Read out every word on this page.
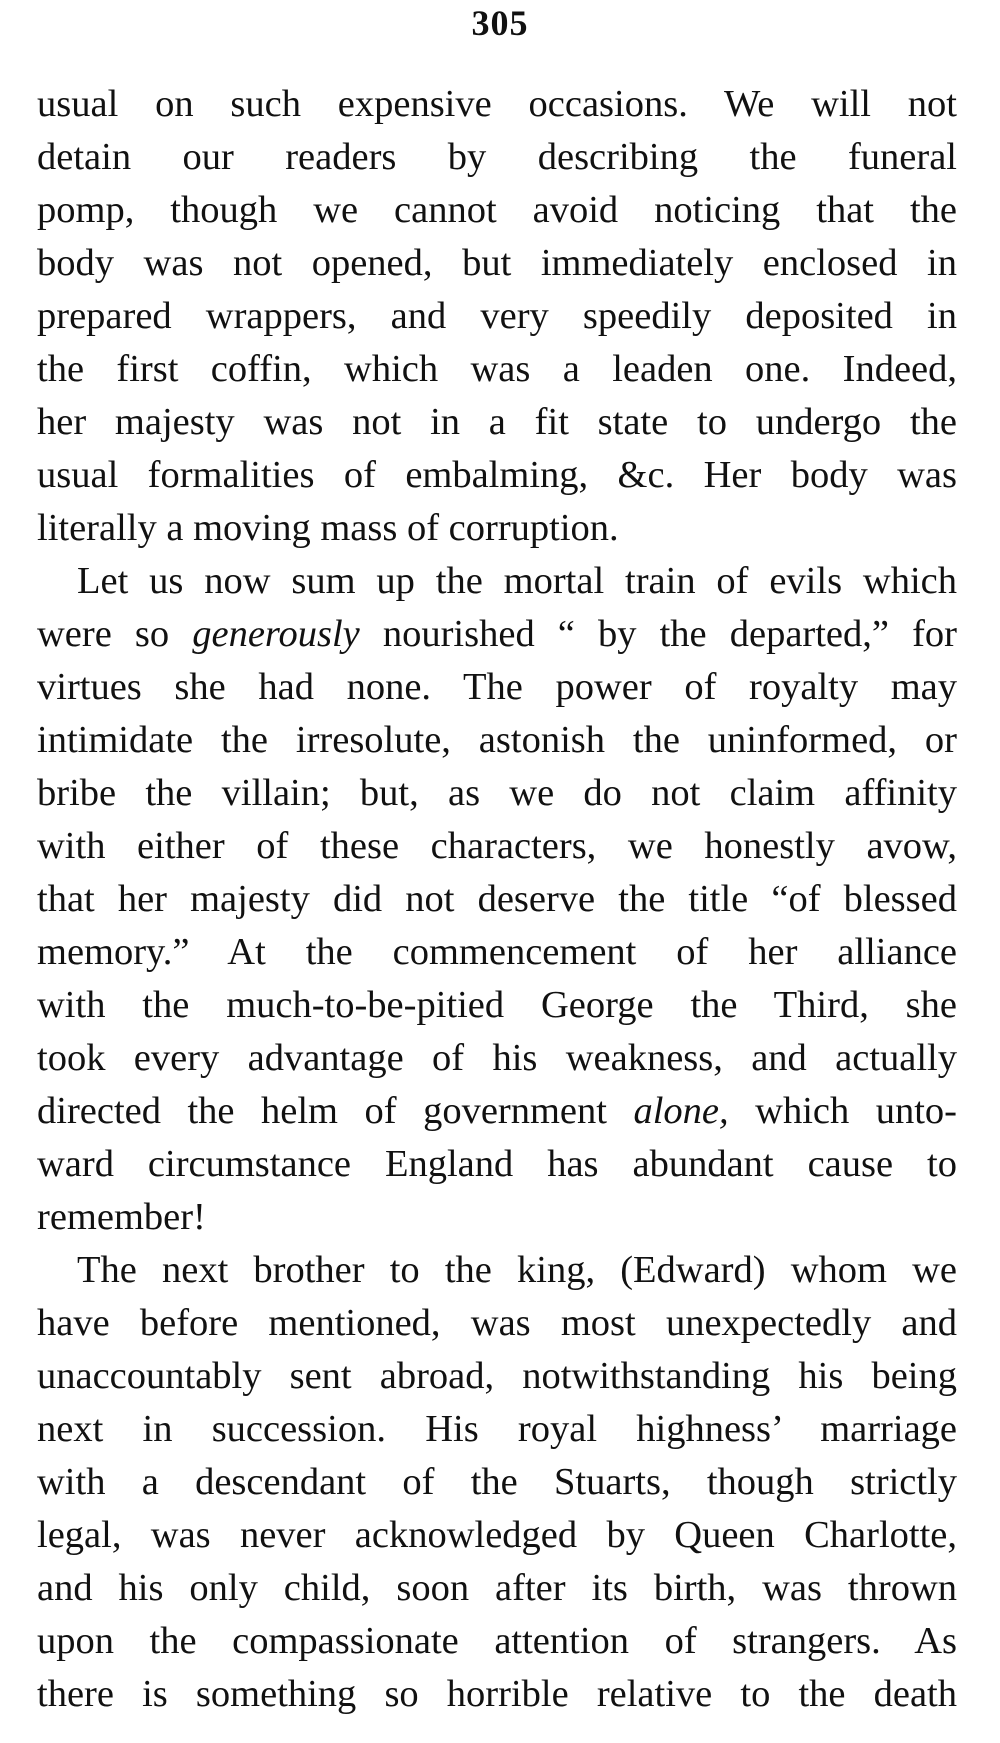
305
usual on such expensive occasions. We will not
detain our readers by describing the funeral
pomp, though we cannot avoid noticing that the
body was not opened, but immediately enclosed in
prepared wrappers, and very speedily deposited in
the first coffin, which was a leaden one. Indeed,
her majesty was not in a fit state to undergo the
usual formalities of embalming, &c. Her body was
literally a moving mass of corruption.
Let us now sum up the mortal train of evils which
were so generously nourished “ by the departed,” for
virtues she had none. The power of royalty may
intimidate the irresolute, astonish the uninformed, or
bribe the villain; but, as we do not claim affinity
with either of these characters, we honestly avow,
that her majesty did not deserve the title “of blessed
memory.” At the commencement of her alliance
with the much-to-be-pitied George the Third, she
took every advantage of his weakness, and actually
directed the helm of government alone, which unto-
ward circumstance England has abundant cause to
remember!
The next brother to the king, (Edward) whom we
have before mentioned, was most unexpectedly and
unaccountably sent abroad, notwithstanding his being
next in succession. His royal highness’ marriage
with a descendant of the Stuarts, though strictly
legal, was never acknowledged by Queen Charlotte,
and his only child, soon after its birth, was thrown
upon the compassionate attention of strangers. As
there is something so horrible relative to the death
